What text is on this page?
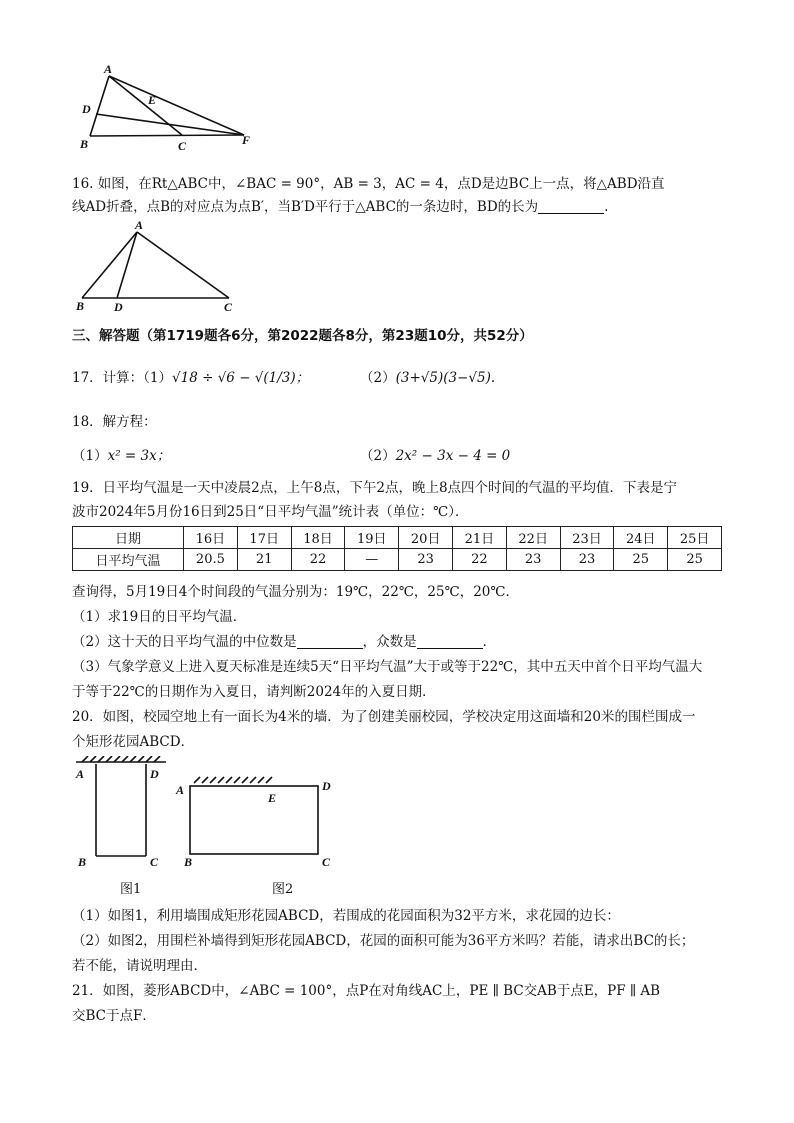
A
D
E
B	C	F
16. 如图，在Rt△ABC中，∠BAC = 90°，AB = 3，AC = 4，点D是边BC上一点，将△ABD沿直
线AD折叠，点B的对应点为点B′，当B′D平行于△ABC的一条边时，BD的长为	.
A
B D	C
三、解答题（第1719题各6分，第2022题各8分，第23题10分，共52分）
17．计算：（1）√18 ÷ √6 − √(1/3)；	（2）(3+√5)(3−√5).
18．解方程：
（1）x² = 3x；	（2）2x² − 3x − 4 = 0
19．日平均气温是一天中凌晨2点，上午8点，下午2点，晚上8点四个时间的气温的平均值．下表是宁
波市2024年5月份16日到25日“日平均气温”统计表（单位：℃）．
日期	16日	17日	18日	19日	20日	21日	22日	23日	24日	25日
日平均气温	20.5	21	22	—	23	22	23	23	25	25
查询得，5月19日4个时间段的气温分别为：19℃，22℃，25℃，20℃．
（1）求19日的日平均气温．
（2）这十天的日平均气温的中位数是	，众数是	．
（3）气象学意义上进入夏天标准是连续5天“日平均气温”大于或等于22℃，其中五天中首个日平均气温大
于等于22℃的日期作为入夏日，请判断2024年的入夏日期．
20．如图，校园空地上有一面长为4米的墙．为了创建美丽校园，学校决定用这面墙和20米的围栏围成一
个矩形花园ABCD．
A	D
B	C
A
E
D
B	C
图1	图2
（1）如图1，利用墙围成矩形花园ABCD，若围成的花园面积为32平方米，求花园的边长：
（2）如图2，用围栏补墙得到矩形花园ABCD，花园的面积可能为36平方米吗？若能，请求出BC的长；
若不能，请说明理由．
21．如图，菱形ABCD中，∠ABC = 100°，点P在对角线AC上，PE ∥ BC交AB于点E，PF ∥ AB
交BC于点F．
